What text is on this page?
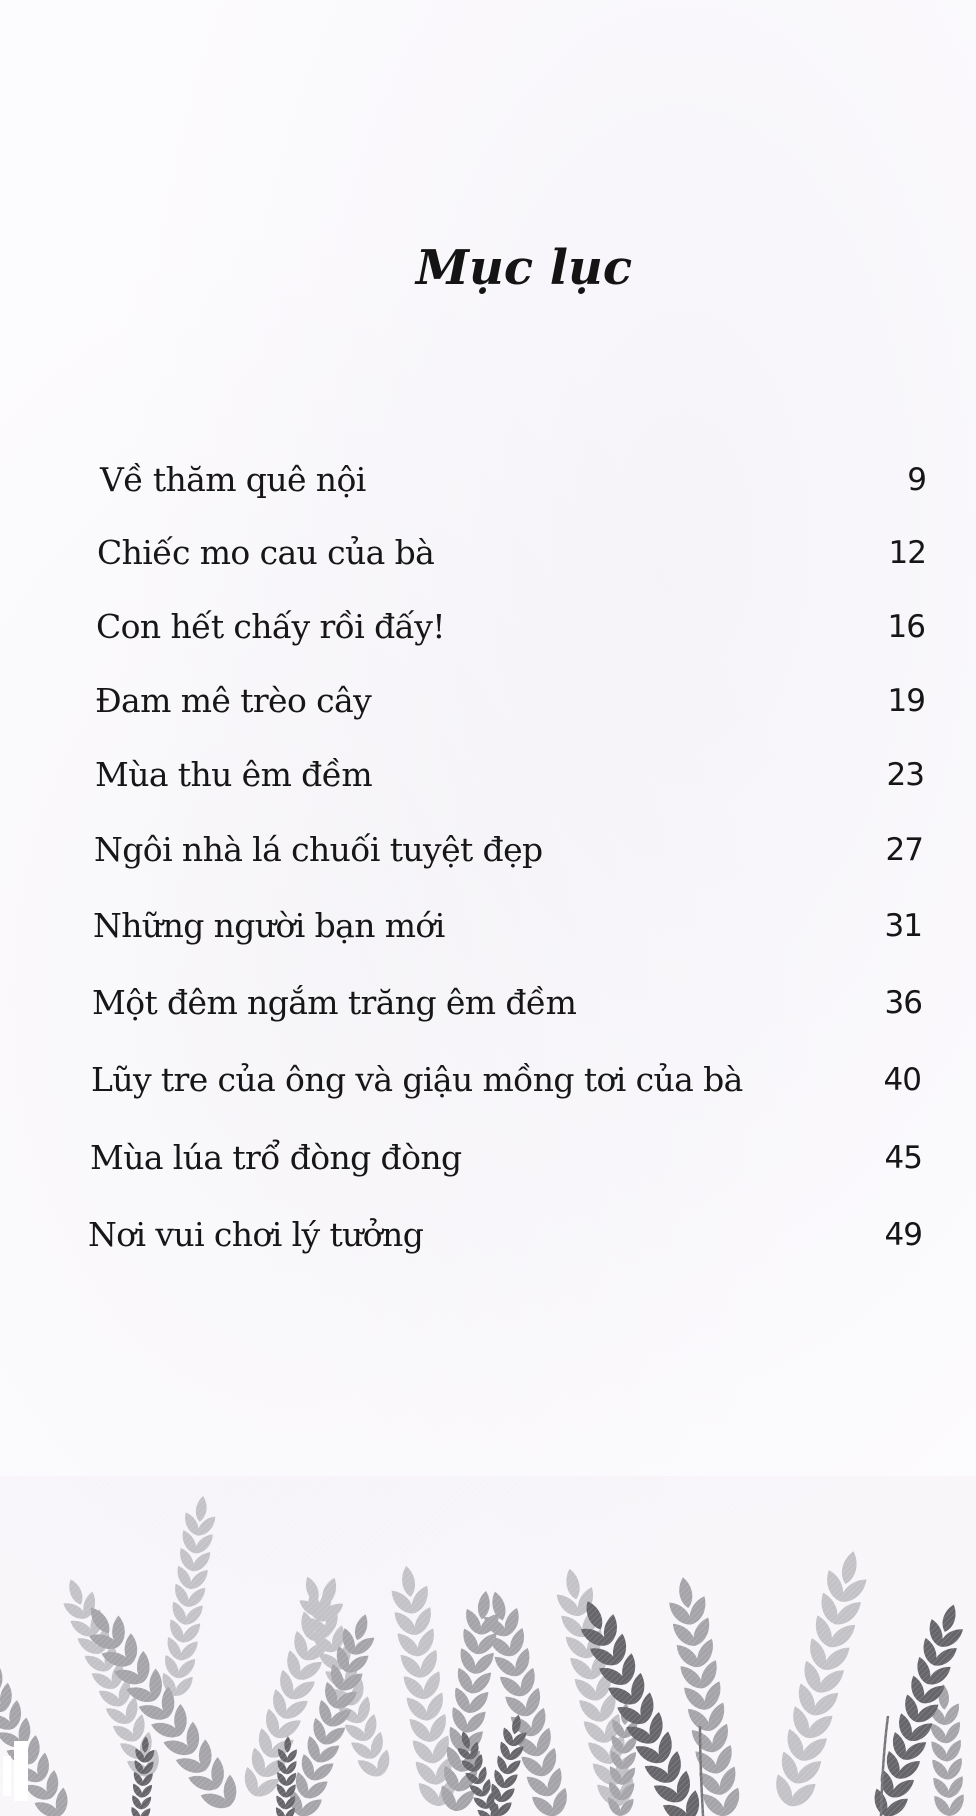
Mục lục
Về thăm quê nội	9
Chiếc mo cau của bà	12
Con hết chấy rồi đấy!	16
Đam mê trèo cây	19
Mùa thu êm đềm	23
Ngôi nhà lá chuối tuyệt đẹp	27
Những người bạn mới	31
Một đêm ngắm trăng êm đềm	36
Lũy tre của ông và giậu mồng tơi của bà	40
Mùa lúa trổ đòng đòng	45
Nơi vui chơi lý tưởng	49
